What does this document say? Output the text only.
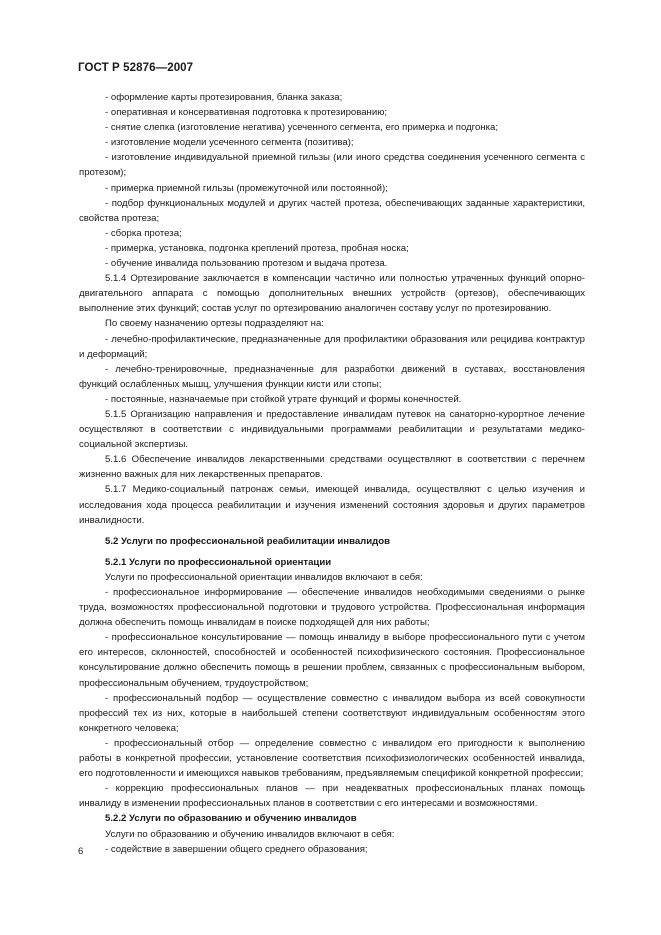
ГОСТ Р 52876—2007

- оформление карты протезирования, бланка заказа;

- оперативная и консервативная подготовка к протезированию;

- снятие слепка (изготовление негатива) усеченного сегмента, его примерка и подгонка;

- изготовление модели усеченного сегмента (позитива);

- изготовление индивидуальной приемной гильзы (или иного средства соединения усеченного сегмента с протезом);

- примерка приемной гильзы (промежуточной или постоянной);

- подбор функциональных модулей и других частей протеза, обеспечивающих заданные характеристики, свойства протеза;

- сборка протеза;

- примерка, установка, подгонка креплений протеза, пробная носка;

- обучение инвалида пользованию протезом и выдача протеза.

5.1.4 Ортезирование заключается в компенсации частично или полностью утраченных функций опорно-двигательного аппарата с помощью дополнительных внешних устройств (ортезов), обеспечивающих выполнение этих функций; состав услуг по ортезированию аналогичен составу услуг по протезированию.

По своему назначению ортезы подразделяют на:

- лечебно-профилактические, предназначенные для профилактики образования или рецидива контрактур и деформаций;

- лечебно-тренировочные, предназначенные для разработки движений в суставах, восстановления функций ослабленных мышц, улучшения функции кисти или стопы;

- постоянные, назначаемые при стойкой утрате функций и формы конечностей.

5.1.5 Организацию направления и предоставление инвалидам путевок на санаторно-курортное лечение осуществляют в соответствии с индивидуальными программами реабилитации и результатами медико-социальной экспертизы.

5.1.6 Обеспечение инвалидов лекарственными средствами осуществляют в соответствии с перечнем жизненно важных для них лекарственных препаратов.

5.1.7 Медико-социальный патронаж семьи, имеющей инвалида, осуществляют с целью изучения и исследования хода процесса реабилитации и изучения изменений состояния здоровья и других параметров инвалидности.

5.2 Услуги по профессиональной реабилитации инвалидов

5.2.1 Услуги по профессиональной ориентации

Услуги по профессиональной ориентации инвалидов включают в себя:

- профессиональное информирование — обеспечение инвалидов необходимыми сведениями о рынке труда, возможностях профессиональной подготовки и трудового устройства. Профессиональная информация должна обеспечить помощь инвалидам в поиске подходящей для них работы;

- профессиональное консультирование — помощь инвалиду в выборе профессионального пути с учетом его интересов, склонностей, способностей и особенностей психофизического состояния. Профессиональное консультирование должно обеспечить помощь в решении проблем, связанных с профессиональным выбором, профессиональным обучением, трудоустройством;

- профессиональный подбор — осуществление совместно с инвалидом выбора из всей совокупности профессий тех из них, которые в наибольшей степени соответствуют индивидуальным особенностям этого конкретного человека;

- профессиональный отбор — определение совместно с инвалидом его пригодности к выполнению работы в конкретной профессии, установление соответствия психофизиологических особенностей инвалида, его подготовленности и имеющихся навыков требованиям, предъявляемым спецификой конкретной профессии;

- коррекцию профессиональных планов — при неадекватных профессиональных планах помощь инвалиду в изменении профессиональных планов в соответствии с его интересами и возможностями.

5.2.2 Услуги по образованию и обучению инвалидов

Услуги по образованию и обучению инвалидов включают в себя:

- содействие в завершении общего среднего образования;

6
